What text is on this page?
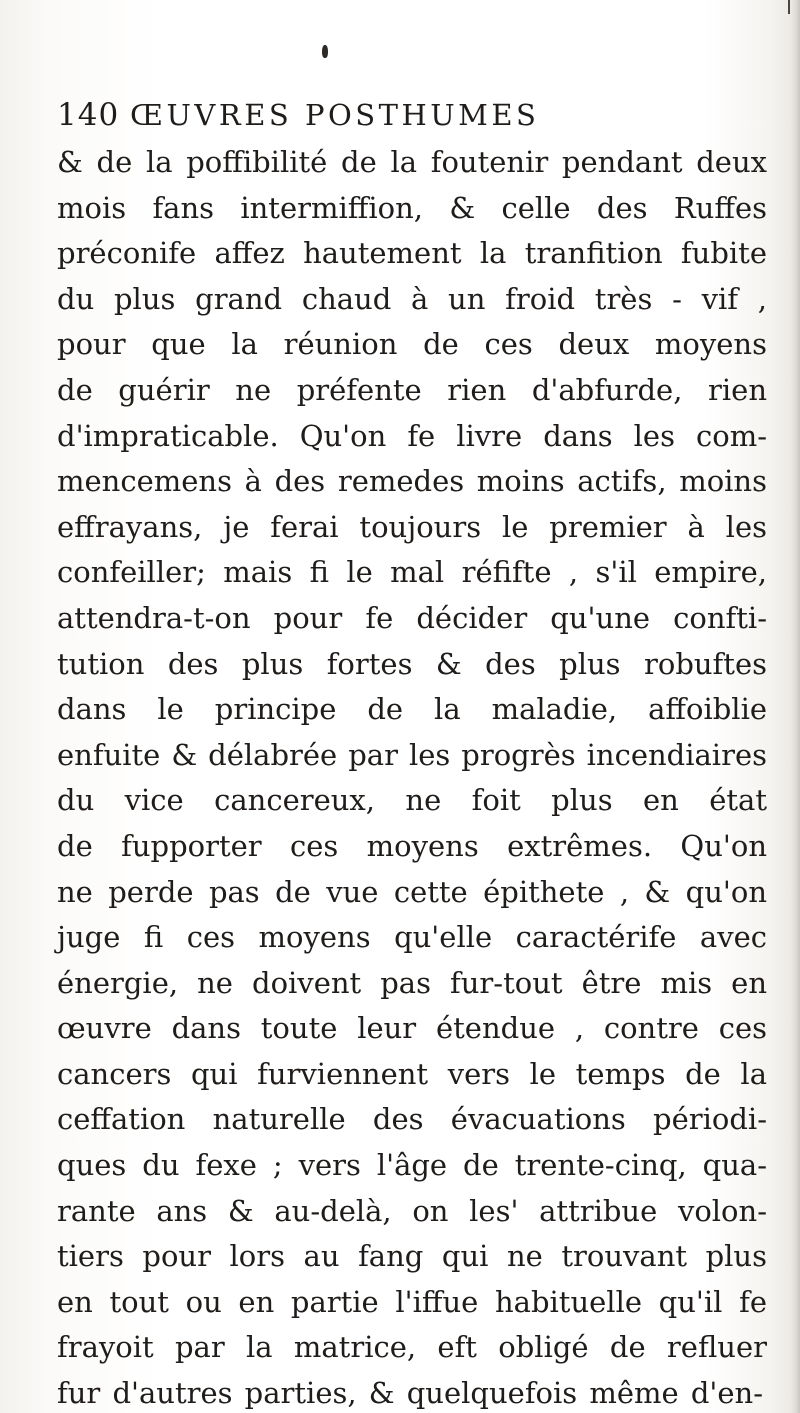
140 ŒUVRES POSTHUMES
& de la poffibilité de la foutenir pendant deux
mois fans intermiffion, & celle des Ruffes
préconife affez hautement la tranfition fubite
du plus grand chaud à un froid très - vif ,
pour que la réunion de ces deux moyens
de guérir ne préfente rien d'abfurde, rien
d'impraticable. Qu'on fe livre dans les com-
mencemens à des remedes moins actifs, moins
effrayans, je ferai toujours le premier à les
confeiller; mais fi le mal réfifte , s'il empire,
attendra-t-on pour fe décider qu'une confti-
tution des plus fortes & des plus robuftes
dans le principe de la maladie, affoiblie
enfuite & délabrée par les progrès incendiaires
du vice cancereux, ne foit plus en état
de fupporter ces moyens extrêmes. Qu'on
ne perde pas de vue cette épithete , & qu'on
juge fi ces moyens qu'elle caractérife avec
énergie, ne doivent pas fur-tout être mis en
œuvre dans toute leur étendue , contre ces
cancers qui furviennent vers le temps de la
ceffation naturelle des évacuations périodi-
ques du fexe ; vers l'âge de trente-cinq, qua-
rante ans & au-delà, on les' attribue volon-
tiers pour lors au fang qui ne trouvant plus
en tout ou en partie l'iffue habituelle qu'il fe
frayoit par la matrice, eft obligé de refluer
fur d'autres parties, & quelquefois même d'en-
